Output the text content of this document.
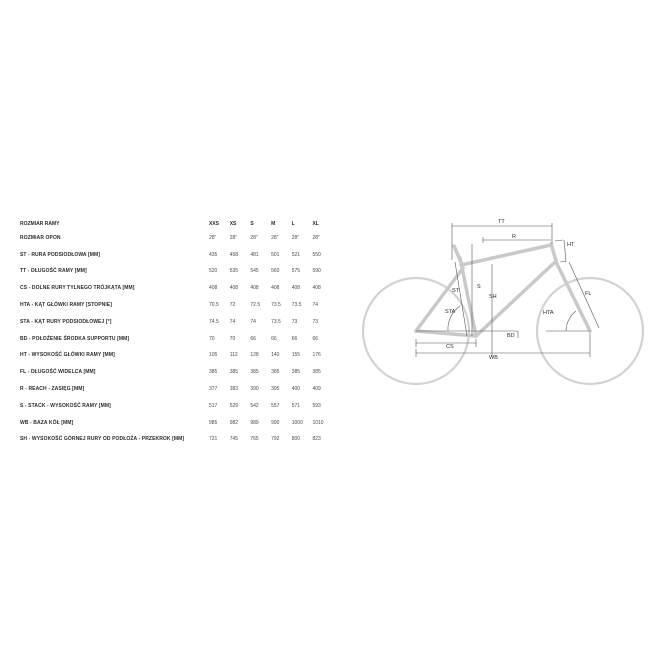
ROZMIAR RAMY	XXS	XS	S	M	L	XL
ROZMIAR OPON	28"	28"	28"	28"	28"	28"
ST - RURA PODSIODŁOWA [MM]	435	458	481	501	521	550
TT - DŁUGOŚĆ RAMY [MM]	520	535	545	560	575	590
CS - DOLNE RURY TYLNEGO TRÓJKĄTA [MM]	408	408	408	408	408	408
HTA - KĄT GŁÓWKI RAMY [STOPNIE]	70.5	72	72.5	73.5	73.5	74
STA - KĄT RURY PODSIODŁOWEJ [°]	74.5	74	74	73.5	73	73
BD - POŁOŻENIE ŚRODKA SUPPORTU [MM]	70	70	66	66	66	66
HT - WYSOKOŚĆ GŁÓWKI RAMY [MM]	105	112	128	140	155	176
FL - DŁUGOŚĆ WIDELCA [MM]	385	385	385	385	385	385
R - REACH - ZASIĘG [MM]	377	383	390	395	400	409
S - STACK - WYSOKOŚĆ RAMY [MM]	517	529	542	557	571	593
WB - BAZA KÓŁ [MM]	985	982	989	990	1000	1010
SH - WYSOKOŚĆ GÓRNEJ RURY OD PODŁOŻA - PRZEKROK [MM]	721	745	765	792	800	823
TT
R
HT
S
ST
SH	FL
STA	HTA
BD
CS
WB
